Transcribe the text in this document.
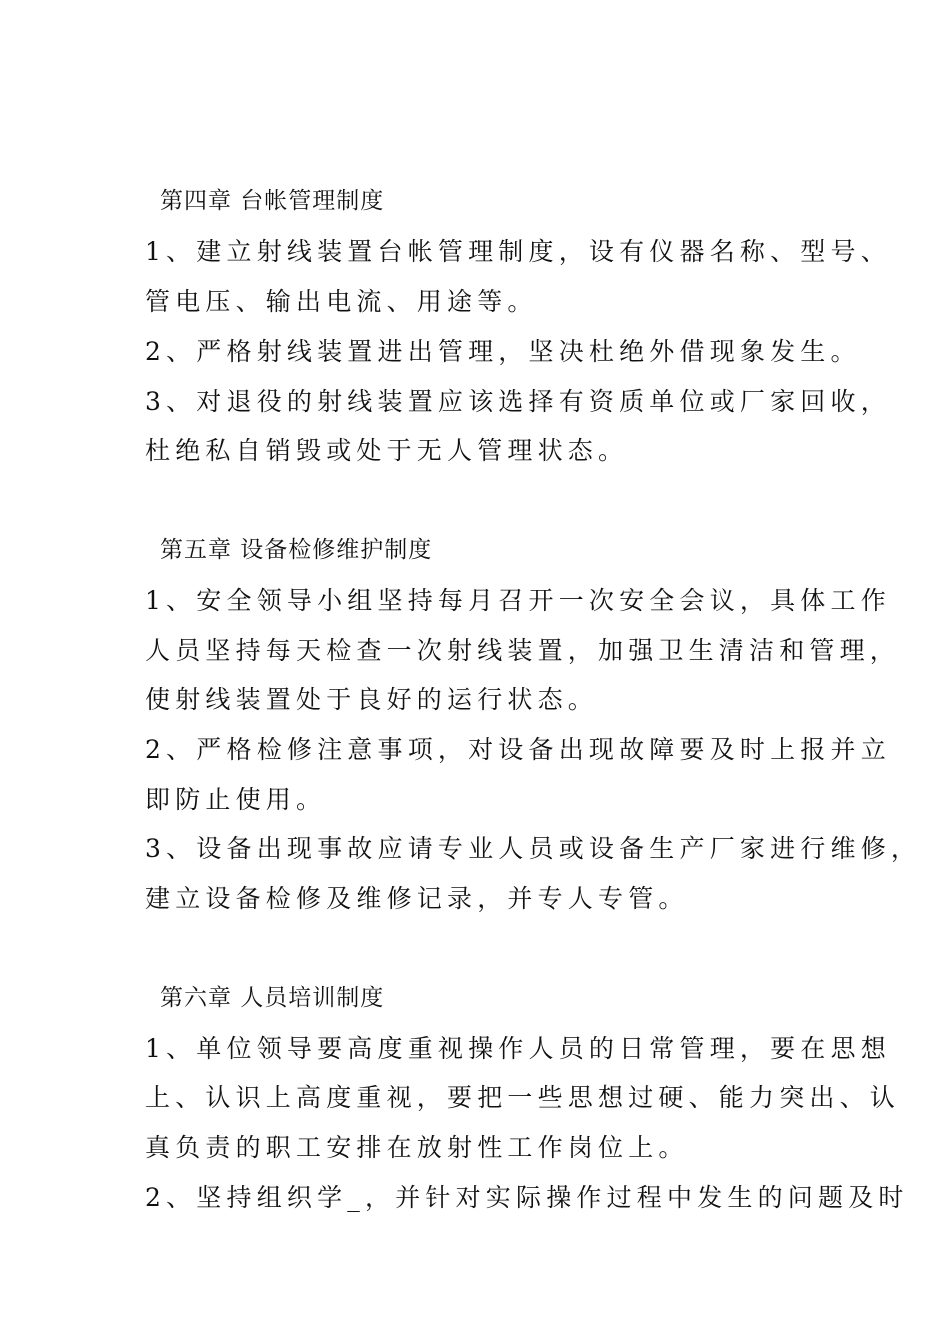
第四章 台帐管理制度
1、建立射线装置台帐管理制度，设有仪器名称、型号、
管电压、输出电流、用途等。
2、严格射线装置进出管理，坚决杜绝外借现象发生。
3、对退役的射线装置应该选择有资质单位或厂家回收，
杜绝私自销毁或处于无人管理状态。
第五章 设备检修维护制度
1、安全领导小组坚持每月召开一次安全会议，具体工作
人员坚持每天检查一次射线装置，加强卫生清洁和管理，
使射线装置处于良好的运行状态。
2、严格检修注意事项，对设备出现故障要及时上报并立
即防止使用。
3、设备出现事故应请专业人员或设备生产厂家进行维修，
建立设备检修及维修记录，并专人专管。
第六章 人员培训制度
1、单位领导要高度重视操作人员的日常管理，要在思想
上、认识上高度重视，要把一些思想过硬、能力突出、认
真负责的职工安排在放射性工作岗位上。
2、坚持组织学_，并针对实际操作过程中发生的问题及时
